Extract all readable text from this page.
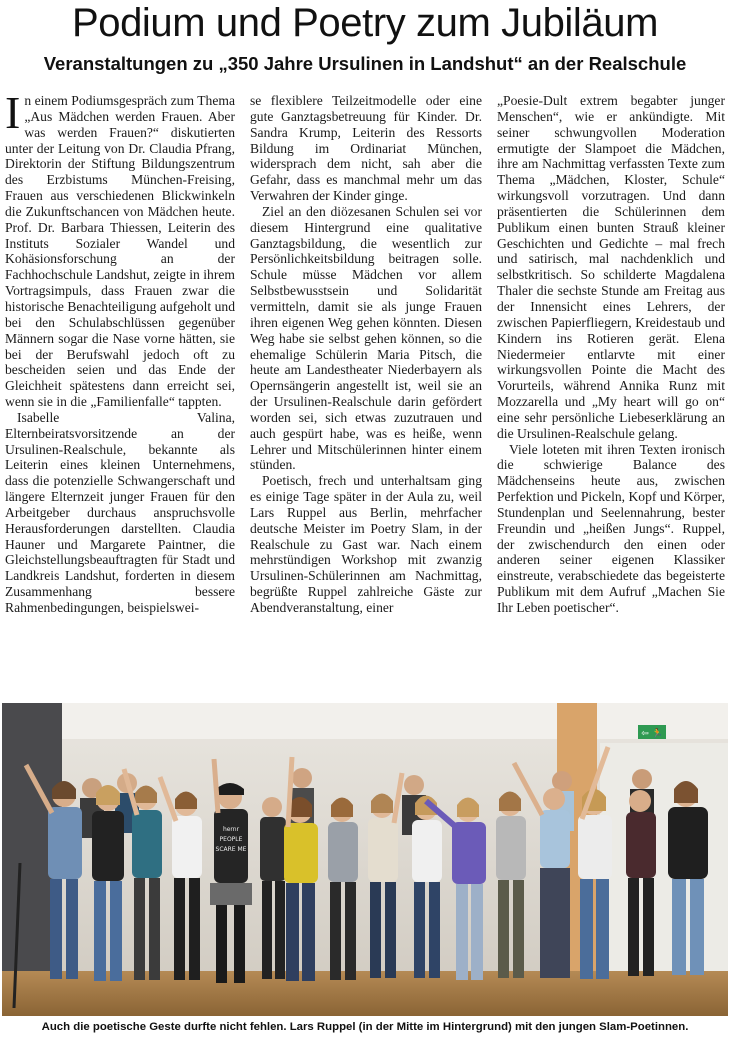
Podium und Poetry zum Jubiläum
Veranstaltungen zu „350 Jahre Ursulinen in Landshut“ an der Realschule

In einem Podiumsgespräch zum Thema „Aus Mädchen werden Frauen. Aber was werden Frauen?“ diskutierten unter der Leitung von Dr. Claudia Pfrang, Direktorin der Stiftung Bildungszentrum des Erzbistums München-Freising, Frauen aus verschiedenen Blickwinkeln die Zukunftschancen von Mädchen heute. Prof. Dr. Barbara Thiessen, Leiterin des Instituts Sozialer Wandel und Kohäsionsforschung an der Fachhochschule Landshut, zeigte in ihrem Vortragsimpuls, dass Frauen zwar die historische Benachteiligung aufgeholt und bei den Schulabschlüssen gegenüber Männern sogar die Nase vorne hätten, sie bei der Berufswahl jedoch oft zu bescheiden seien und das Ende der Gleichheit spätestens dann erreicht sei, wenn sie in die „Familienfalle“ tappten.

Isabelle Valina, Elternbeiratsvorsitzende an der Ursulinen-Realschule, bekannte als Leiterin eines kleinen Unternehmens, dass die potenzielle Schwangerschaft und längere Elternzeit junger Frauen für den Arbeitgeber durchaus anspruchsvolle Herausforderungen darstellten. Claudia Hauner und Margarete Paintner, die Gleichstellungsbeauftragten für Stadt und Landkreis Landshut, forderten in diesem Zusammenhang bessere Rahmenbedingungen, beispielswei-

se flexiblere Teilzeitmodelle oder eine gute Ganztagsbetreuung für Kinder. Dr. Sandra Krump, Leiterin des Ressorts Bildung im Ordinariat München, widersprach dem nicht, sah aber die Gefahr, dass es manchmal mehr um das Verwahren der Kinder ginge.

Ziel an den diözesanen Schulen sei vor diesem Hintergrund eine qualitative Ganztagsbildung, die wesentlich zur Persönlichkeitsbildung beitragen solle. Schule müsse Mädchen vor allem Selbstbewusstsein und Solidarität vermitteln, damit sie als junge Frauen ihren eigenen Weg gehen könnten. Diesen Weg habe sie selbst gehen können, so die ehemalige Schülerin Maria Pitsch, die heute am Landestheater Niederbayern als Opernsängerin angestellt ist, weil sie an der Ursulinen-Realschule darin gefördert worden sei, sich etwas zuzutrauen und auch gespürt habe, was es heiße, wenn Lehrer und Mitschülerinnen hinter einem stünden.

Poetisch, frech und unterhaltsam ging es einige Tage später in der Aula zu, weil Lars Ruppel aus Berlin, mehrfacher deutsche Meister im Poetry Slam, in der Realschule zu Gast war. Nach einem mehrstündigen Workshop mit zwanzig Ursulinen-Schülerinnen am Nachmittag, begrüßte Ruppel zahlreiche Gäste zur Abendveranstaltung, einer

„Poesie-Dult extrem begabter junger Menschen“, wie er ankündigte. Mit seiner schwungvollen Moderation ermutigte der Slampoet die Mädchen, ihre am Nachmittag verfassten Texte zum Thema „Mädchen, Kloster, Schule“ wirkungsvoll vorzutragen. Und dann präsentierten die Schülerinnen dem Publikum einen bunten Strauß kleiner Geschichten und Gedichte – mal frech und satirisch, mal nachdenklich und selbstkritisch. So schilderte Magdalena Thaler die sechste Stunde am Freitag aus der Innensicht eines Lehrers, der zwischen Papierfliegern, Kreidestaub und Kindern ins Rotieren gerät. Elena Niedermeier entlarvte mit einer wirkungsvollen Pointe die Macht des Vorurteils, während Annika Runz mit Mozzarella und „My heart will go on“ eine sehr persönliche Liebeserklärung an die Ursulinen-Realschule gelang.

Viele loteten mit ihren Texten ironisch die schwierige Balance des Mädchenseins heute aus, zwischen Perfektion und Pickeln, Kopf und Körper, Stundenplan und Seelennahrung, bester Freundin und „heißen Jungs“. Ruppel, der zwischendurch den einen oder anderen seiner eigenen Klassiker einstreute, verabschiedete das begeisterte Publikum mit dem Aufruf „Machen Sie Ihr Leben poetischer“.

⇦ 🏃
hernr
PEOPLE
SCARE ME

Auch die poetische Geste durfte nicht fehlen. Lars Ruppel (in der Mitte im Hintergrund) mit den jungen Slam-Poetinnen.
